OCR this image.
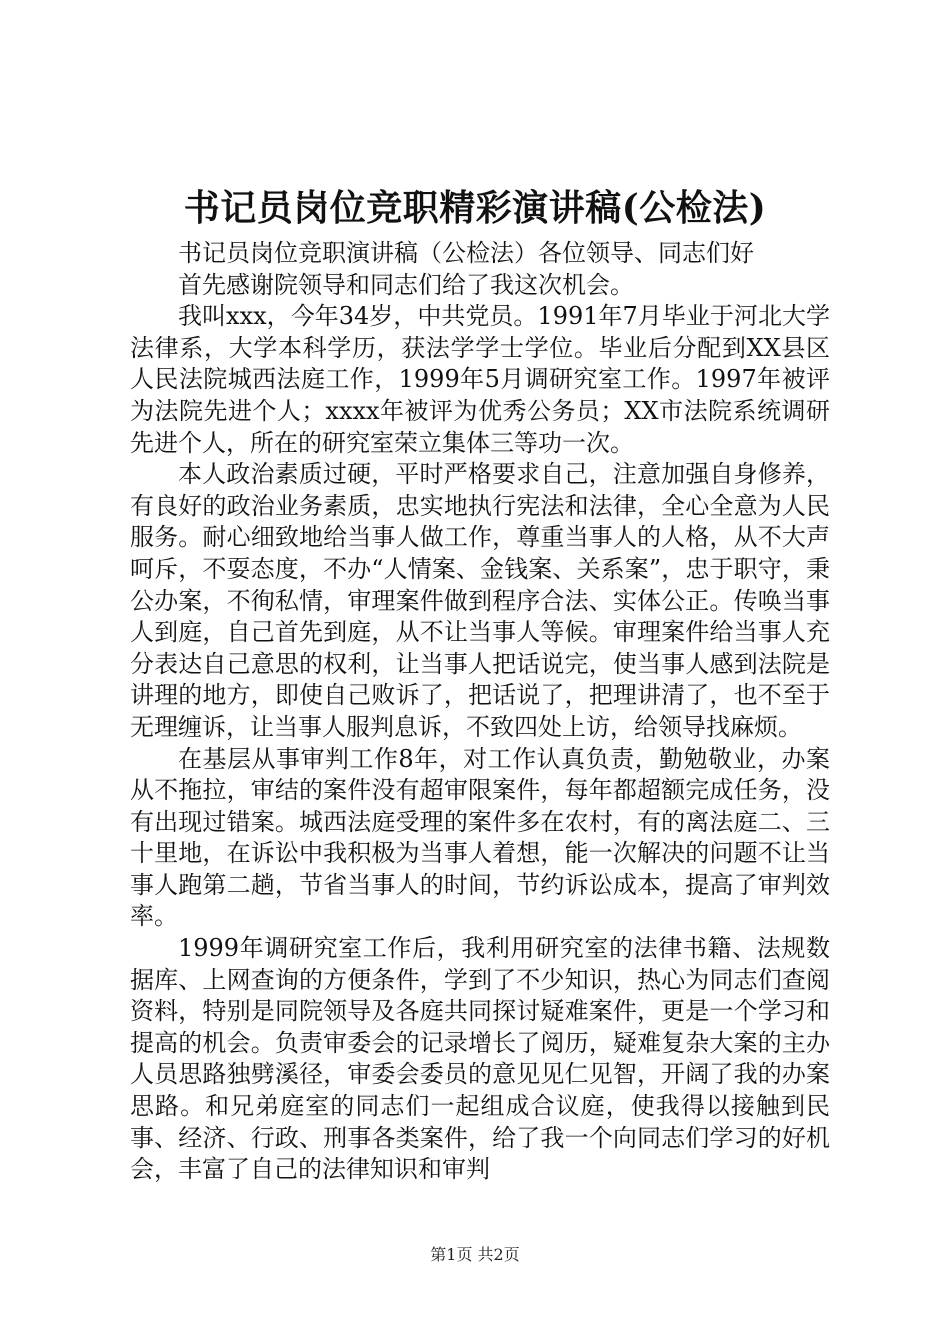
书记员岗位竞职精彩演讲稿(公检法)

书记员岗位竞职演讲稿（公检法）各位领导、同志们好

首先感谢院领导和同志们给了我这次机会。

我叫xxx，今年34岁，中共党员。1991年7月毕业于河北大学法律系，大学本科学历，获法学学士学位。毕业后分配到XX县区人民法院城西法庭工作，1999年5月调研究室工作。1997年被评为法院先进个人；xxxx年被评为优秀公务员；XX市法院系统调研先进个人，所在的研究室荣立集体三等功一次。

本人政治素质过硬，平时严格要求自己，注意加强自身修养，有良好的政治业务素质，忠实地执行宪法和法律，全心全意为人民服务。耐心细致地给当事人做工作，尊重当事人的人格，从不大声呵斥，不耍态度，不办“人情案、金钱案、关系案”，忠于职守，秉公办案，不徇私情，审理案件做到程序合法、实体公正。传唤当事人到庭，自己首先到庭，从不让当事人等候。审理案件给当事人充分表达自己意思的权利，让当事人把话说完，使当事人感到法院是讲理的地方，即使自己败诉了，把话说了，把理讲清了，也不至于无理缠诉，让当事人服判息诉，不致四处上访，给领导找麻烦。

在基层从事审判工作8年，对工作认真负责，勤勉敬业，办案从不拖拉，审结的案件没有超审限案件，每年都超额完成任务，没有出现过错案。城西法庭受理的案件多在农村，有的离法庭二、三十里地，在诉讼中我积极为当事人着想，能一次解决的问题不让当事人跑第二趟，节省当事人的时间，节约诉讼成本，提高了审判效率。

1999年调研究室工作后，我利用研究室的法律书籍、法规数据库、上网查询的方便条件，学到了不少知识，热心为同志们查阅资料，特别是同院领导及各庭共同探讨疑难案件，更是一个学习和提高的机会。负责审委会的记录增长了阅历，疑难复杂大案的主办人员思路独劈溪径，审委会委员的意见见仁见智，开阔了我的办案思路。和兄弟庭室的同志们一起组成合议庭，使我得以接触到民事、经济、行政、刑事各类案件，给了我一个向同志们学习的好机会，丰富了自己的法律知识和审判

第1页 共2页
